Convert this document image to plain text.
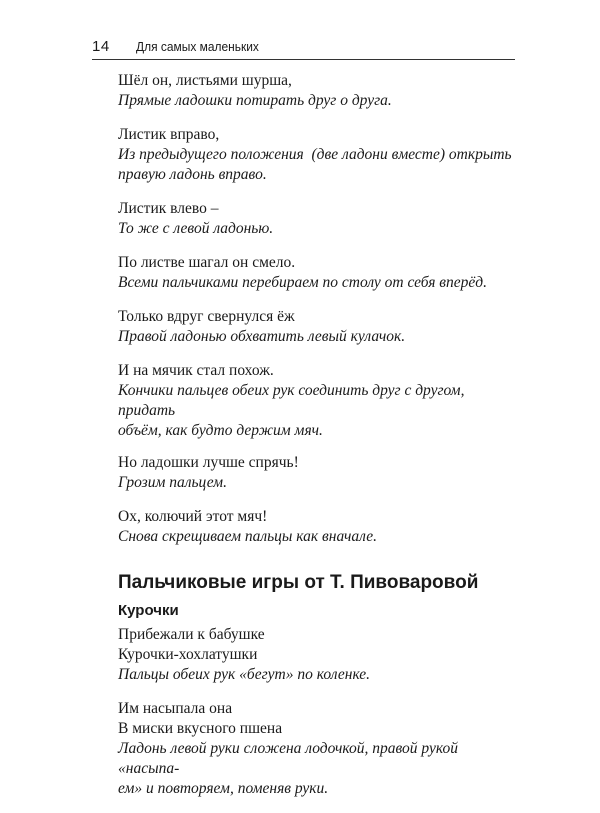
14 Для самых маленьких
Шёл он, листьями шурша,
Прямые ладошки потирать друг о друга.
Листик вправо,
Из предыдущего положения  (две ладони вместе) открыть
правую ладонь вправо.
Листик влево –
То же с левой ладонью.
По листве шагал он смело.
Всеми пальчиками перебираем по столу от себя вперёд.
Только вдруг свернулся ёж
Правой ладонью обхватить левый кулачок.
И на мячик стал похож.
Кончики пальцев обеих рук соединить друг с другом, придать
объём, как будто держим мяч.
Но ладошки лучше спрячь!
Грозим пальцем.
Ох, колючий этот мяч!
Снова скрещиваем пальцы как вначале.
Пальчиковые игры от Т. Пивоваровой
Курочки
Прибежали к бабушке
Курочки-хохлатушки
Пальцы обеих рук «бегут» по коленке.
Им насыпала она
В миски вкусного пшена
Ладонь левой руки сложена лодочкой, правой рукой «насыпа-
ем» и повторяем, поменяв руки.
